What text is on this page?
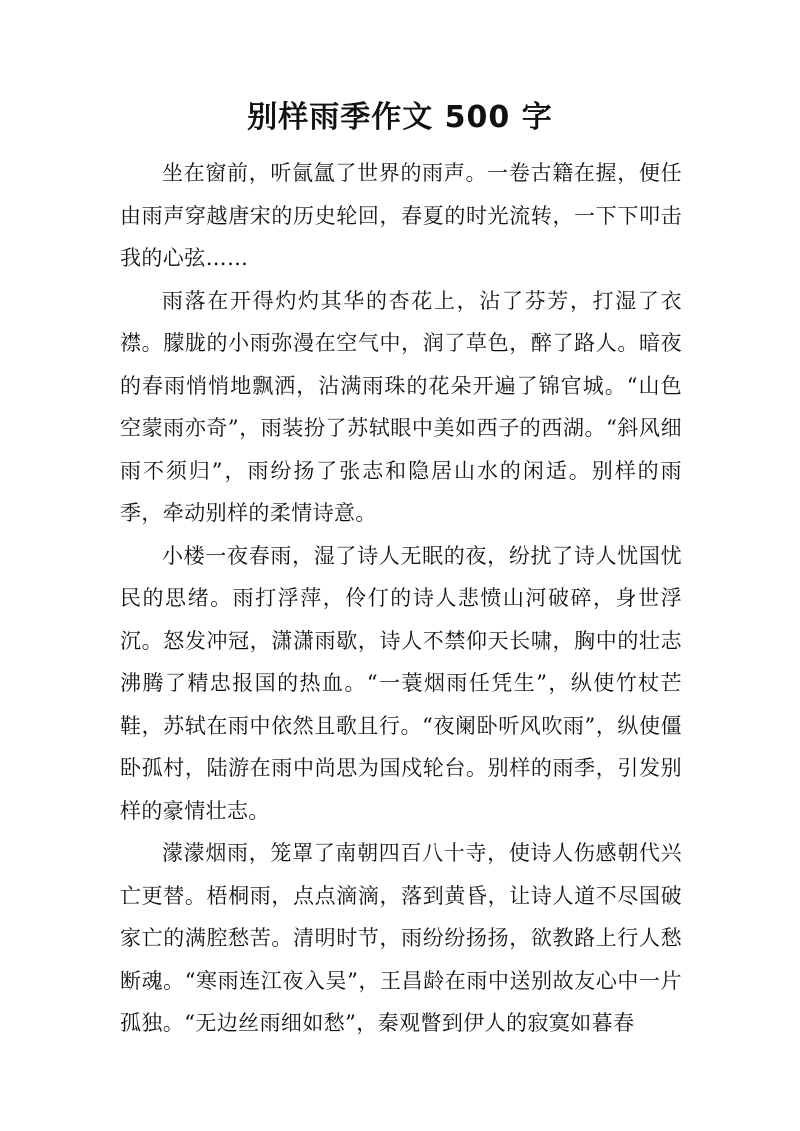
别样雨季作文 500 字

坐在窗前，听氤氲了世界的雨声。一卷古籍在握，便任由雨声穿越唐宋的历史轮回，春夏的时光流转，一下下叩击我的心弦……

雨落在开得灼灼其华的杏花上，沾了芬芳，打湿了衣襟。朦胧的小雨弥漫在空气中，润了草色，醉了路人。暗夜的春雨悄悄地飘洒，沾满雨珠的花朵开遍了锦官城。“山色空蒙雨亦奇”，雨装扮了苏轼眼中美如西子的西湖。“斜风细雨不须归”，雨纷扬了张志和隐居山水的闲适。别样的雨季，牵动别样的柔情诗意。

小楼一夜春雨，湿了诗人无眠的夜，纷扰了诗人忧国忧民的思绪。雨打浮萍，伶仃的诗人悲愤山河破碎，身世浮沉。怒发冲冠，潇潇雨歇，诗人不禁仰天长啸，胸中的壮志沸腾了精忠报国的热血。“一蓑烟雨任凭生”，纵使竹杖芒鞋，苏轼在雨中依然且歌且行。“夜阑卧听风吹雨”，纵使僵卧孤村，陆游在雨中尚思为国戍轮台。别样的雨季，引发别样的豪情壮志。

濛濛烟雨，笼罩了南朝四百八十寺，使诗人伤感朝代兴亡更替。梧桐雨，点点滴滴，落到黄昏，让诗人道不尽国破家亡的满腔愁苦。清明时节，雨纷纷扬扬，欲教路上行人愁断魂。“寒雨连江夜入吴”，王昌龄在雨中送别故友心中一片孤独。“无边丝雨细如愁”，秦观瞥到伊人的寂寞如暮春
